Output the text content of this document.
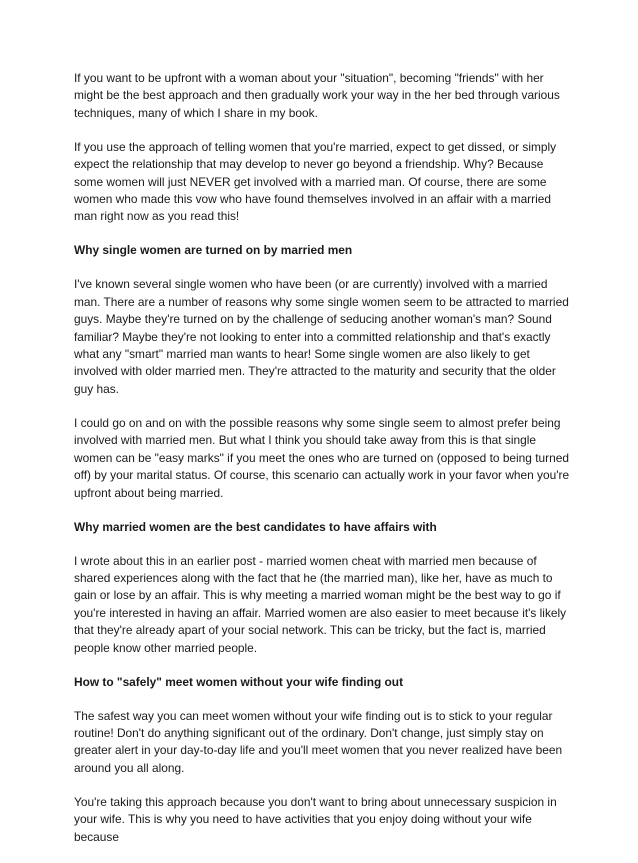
If you want to be upfront with a woman about your "situation", becoming "friends" with her might be the best approach and then gradually work your way in the her bed through various techniques, many of which I share in my book.

If you use the approach of telling women that you're married, expect to get dissed, or simply expect the relationship that may develop to never go beyond a friendship. Why? Because some women will just NEVER get involved with a married man. Of course, there are some women who made this vow who have found themselves involved in an affair with a married man right now as you read this!

Why single women are turned on by married men

I've known several single women who have been (or are currently) involved with a married man. There are a number of reasons why some single women seem to be attracted to married guys. Maybe they're turned on by the challenge of seducing another woman's man? Sound familiar? Maybe they're not looking to enter into a committed relationship and that's exactly what any "smart" married man wants to hear! Some single women are also likely to get involved with older married men. They're attracted to the maturity and security that the older guy has.

I could go on and on with the possible reasons why some single seem to almost prefer being involved with married men. But what I think you should take away from this is that single women can be "easy marks" if you meet the ones who are turned on (opposed to being turned off) by your marital status. Of course, this scenario can actually work in your favor when you're upfront about being married.

Why married women are the best candidates to have affairs with

I wrote about this in an earlier post - married women cheat with married men because of shared experiences along with the fact that he (the married man), like her, have as much to gain or lose by an affair. This is why meeting a married woman might be the best way to go if you're interested in having an affair. Married women are also easier to meet because it's likely that they're already apart of your social network. This can be tricky, but the fact is, married people know other married people.

How to "safely" meet women without your wife finding out

The safest way you can meet women without your wife finding out is to stick to your regular routine! Don't do anything significant out of the ordinary. Don't change, just simply stay on greater alert in your day-to-day life and you'll meet women that you never realized have been around you all along.

You're taking this approach because you don't want to bring about unnecessary suspicion in your wife. This is why you need to have activities that you enjoy doing without your wife because
